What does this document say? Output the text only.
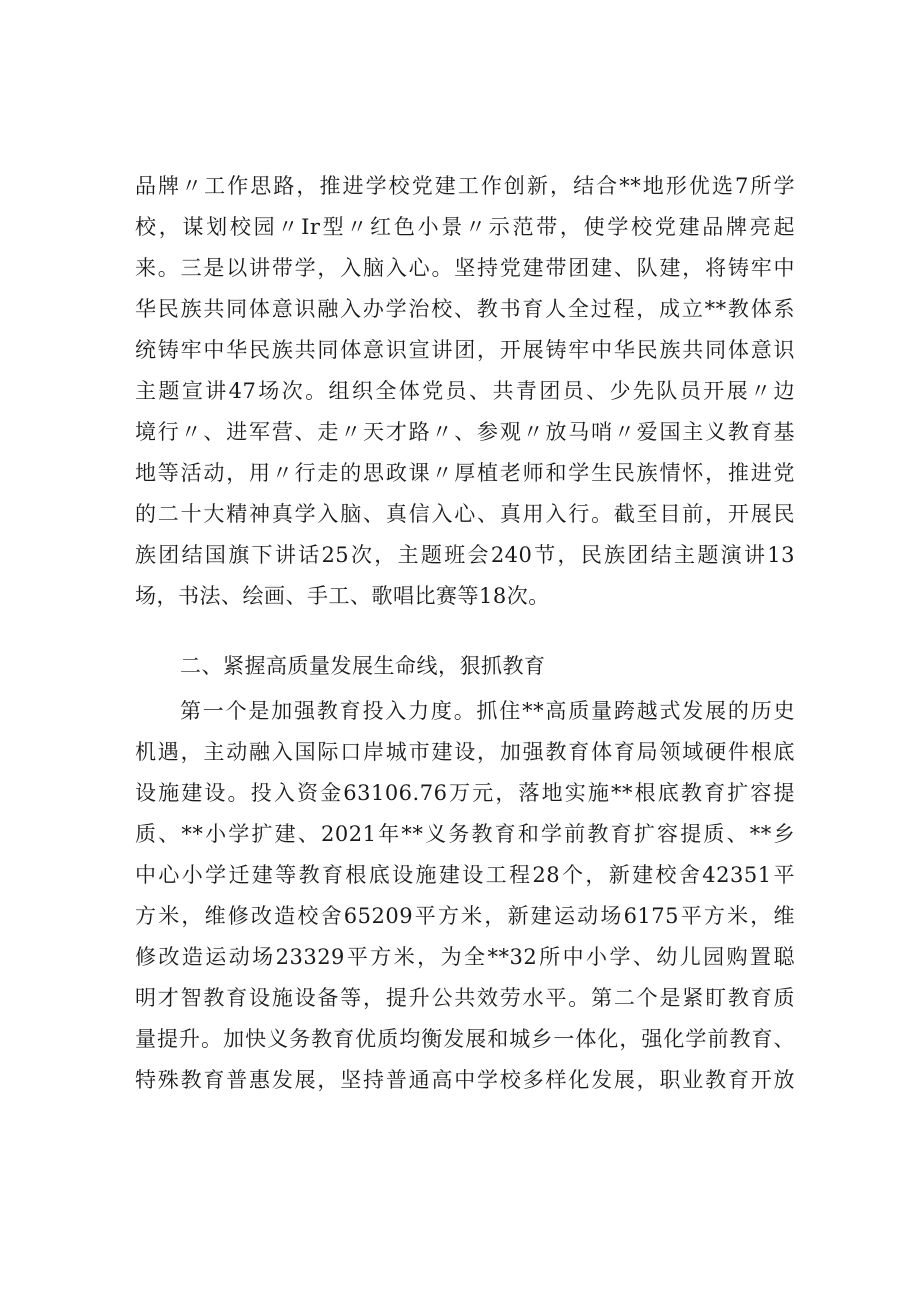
品牌〃工作思路，推进学校党建工作创新，结合**地形优选7所学
校，谋划校园〃Ir型〃红色小景〃示范带，使学校党建品牌亮起
来。三是以讲带学，入脑入心。坚持党建带团建、队建，将铸牢中
华民族共同体意识融入办学治校、教书育人全过程，成立**教体系
统铸牢中华民族共同体意识宣讲团，开展铸牢中华民族共同体意识
主题宣讲47场次。组织全体党员、共青团员、少先队员开展〃边
境行〃、进军营、走〃天才路〃、参观〃放马哨〃爱国主义教育基
地等活动，用〃行走的思政课〃厚植老师和学生民族情怀，推进党
的二十大精神真学入脑、真信入心、真用入行。截至目前，开展民
族团结国旗下讲话25次，主题班会240节，民族团结主题演讲13
场，书法、绘画、手工、歌唱比赛等18次。
二、紧握高质量发展生命线，狠抓教育
第一个是加强教育投入力度。抓住**高质量跨越式发展的历史
机遇，主动融入国际口岸城市建设，加强教育体育局领域硬件根底
设施建设。投入资金63106.76万元，落地实施**根底教育扩容提
质、**小学扩建、2021年**义务教育和学前教育扩容提质、**乡
中心小学迁建等教育根底设施建设工程28个，新建校舍42351平
方米，维修改造校舍65209平方米，新建运动场6175平方米，维
修改造运动场23329平方米，为全**32所中小学、幼儿园购置聪
明才智教育设施设备等，提升公共效劳水平。第二个是紧盯教育质
量提升。加快义务教育优质均衡发展和城乡一体化，强化学前教育、
特殊教育普惠发展，坚持普通高中学校多样化发展，职业教育开放
